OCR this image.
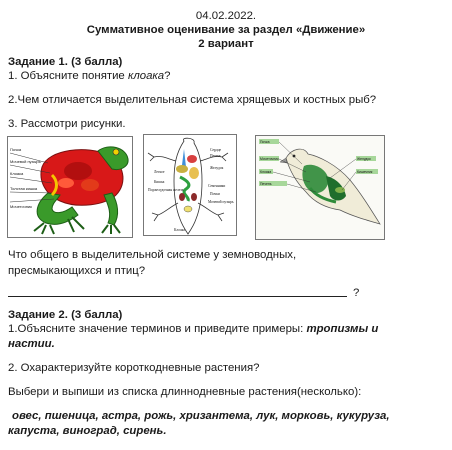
04.02.2022.
Суммативное оценивание за раздел «Движение»
2 вариант
Задание 1. (3 балла)
1. Объясните понятие клоака?
2.Чем отличается выделительная система хрящевых и костных рыб?
3. Рассмотри рисунки.
Почка
Мочевой пузырь
Клоака
Толстая кишка
Мочеточник
Сердце
Легкое
Печень
Желудок
Семенники
Почки
Мочевой пузырь
Клоака
Кишка
Поджелудочная железа
Почка
Мочеточник
Клоака
Печень
Желудок
Кишечник
Что общего в выделительной системе у земноводных,
пресмыкающихся и птиц?
?
Задание 2. (3 балла)
1.Объясните значение терминов и приведите примеры: тропизмы и
настии.
2. Охарактеризуйте короткодневные растения?
Выбери и выпиши из списка длиннодневные растения(несколько):
овес, пшеница, астра, рожь, хризантема, лук, морковь, кукуруза,
капуста, виноград, сирень.
